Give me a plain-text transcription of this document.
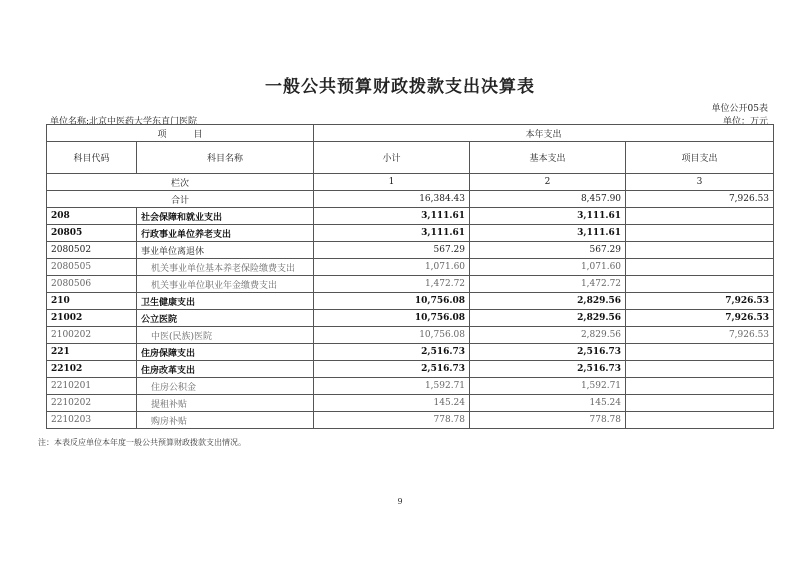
一般公共预算财政拨款支出决算表
单位公开05表
单位名称:北京中医药大学东直门医院	单位：万元
项　　　目		本年支出		
科目代码	科目名称	小计	基本支出	项目支出
栏次		1	2	3
合计		16,384.43	8,457.90	7,926.53
208	社会保障和就业支出	3,111.61	3,111.61	
20805	行政事业单位养老支出	3,111.61	3,111.61	
2080502	事业单位离退休	567.29	567.29	
2080505	机关事业单位基本养老保险缴费支出	1,071.60	1,071.60	
2080506	机关事业单位职业年金缴费支出	1,472.72	1,472.72	
210	卫生健康支出	10,756.08	2,829.56	7,926.53
21002	公立医院	10,756.08	2,829.56	7,926.53
2100202	中医(民族)医院	10,756.08	2,829.56	7,926.53
221	住房保障支出	2,516.73	2,516.73	
22102	住房改革支出	2,516.73	2,516.73	
2210201	住房公积金	1,592.71	1,592.71	
2210202	提租补贴	145.24	145.24	
2210203	购房补贴	778.78	778.78	
注：本表反应单位本年度一般公共预算财政拨款支出情况。
9
